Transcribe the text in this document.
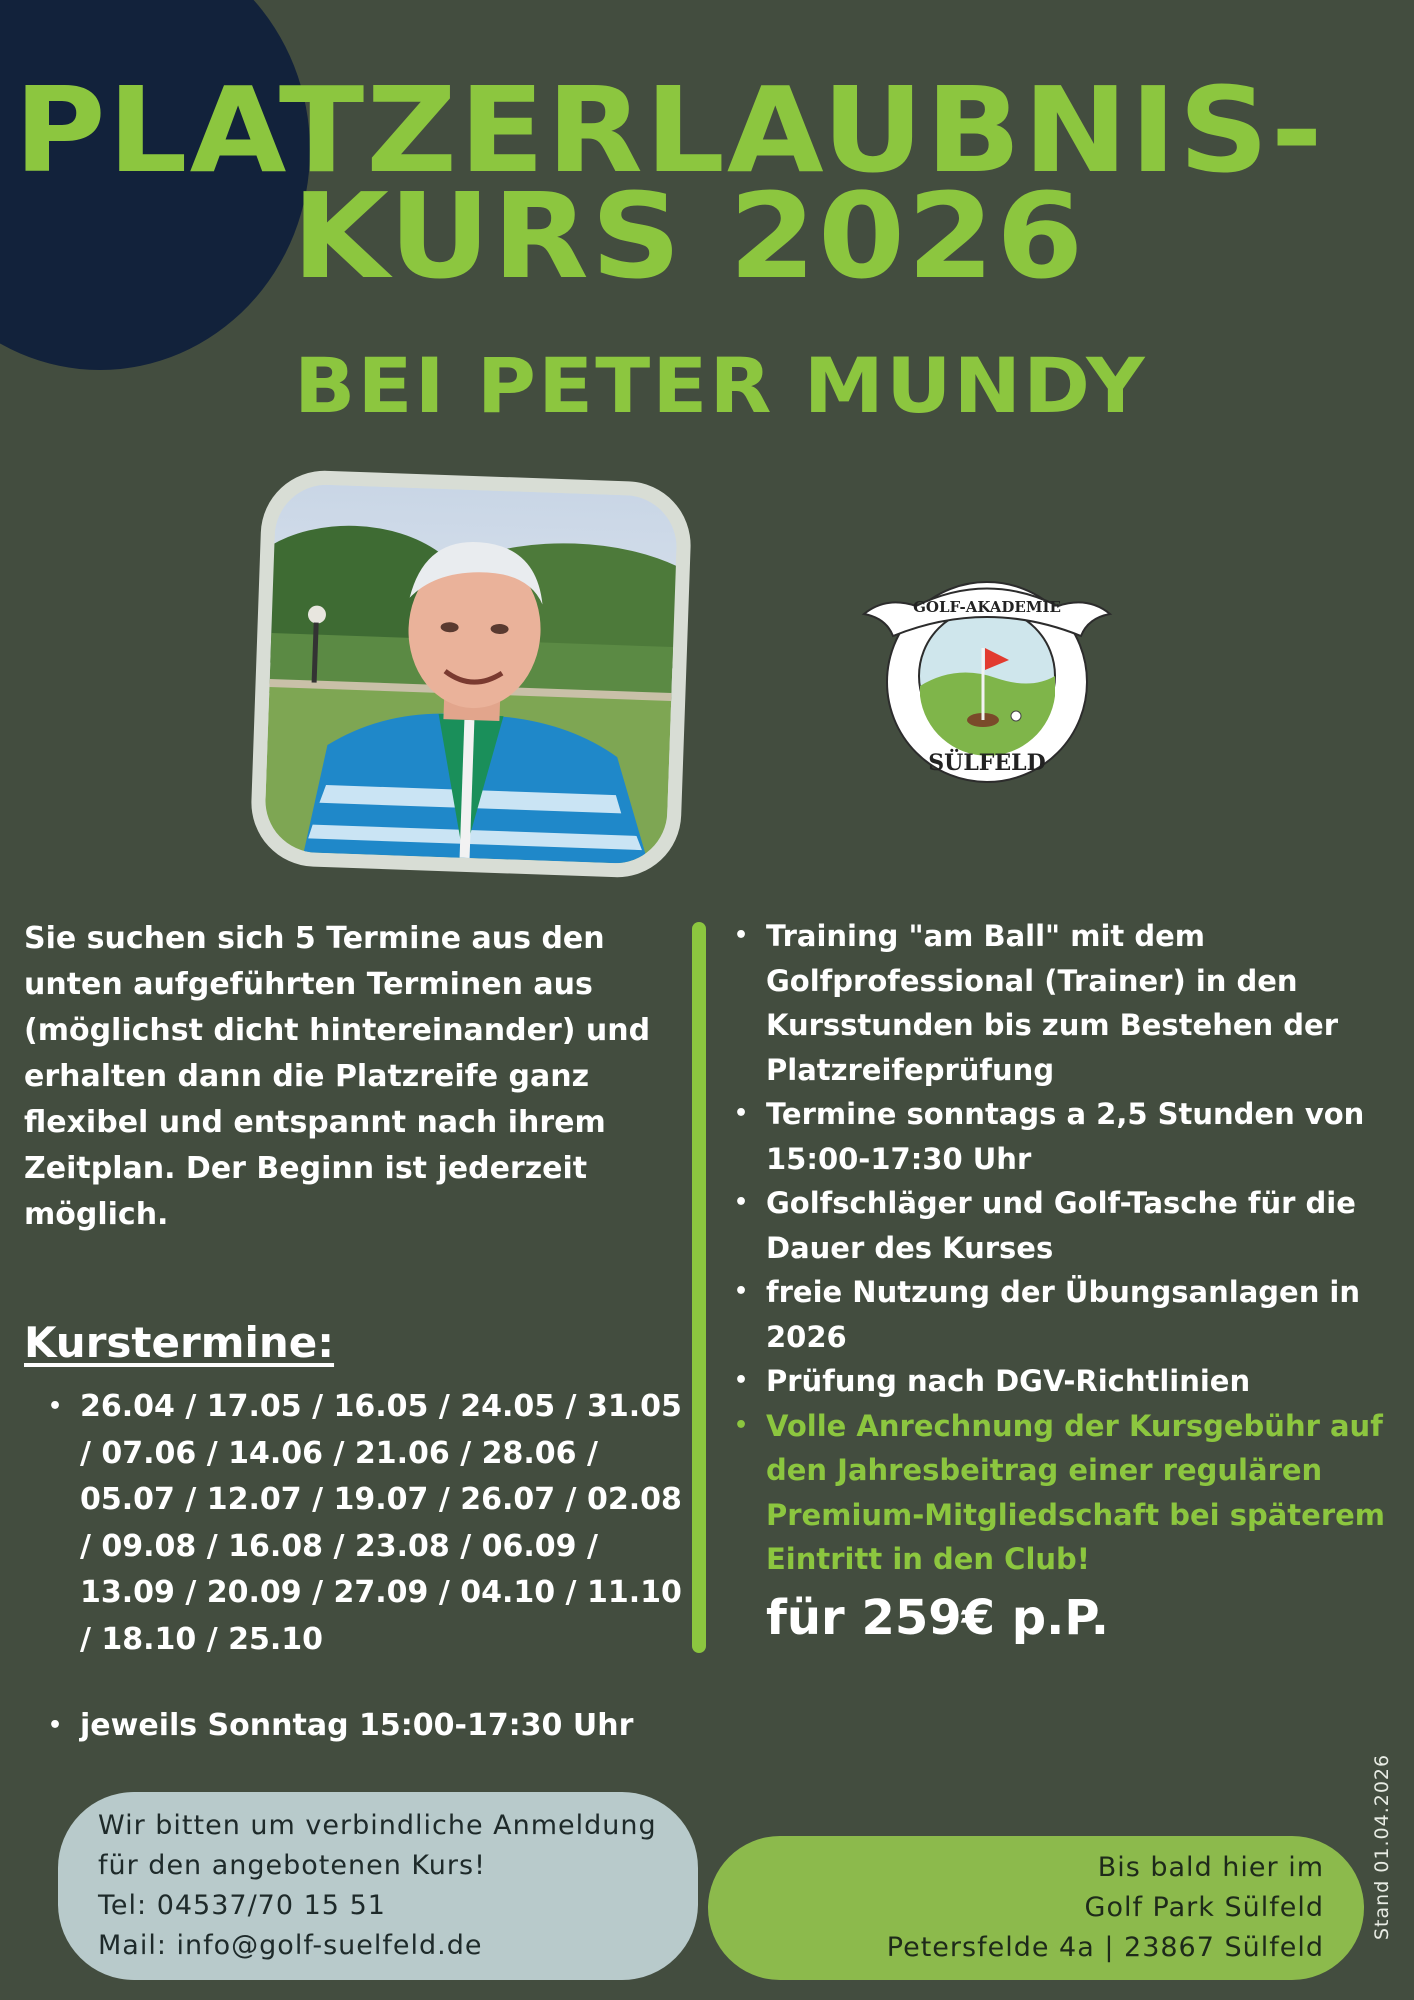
PLATZERLAUBNIS-
KURS 2026
BEI PETER MUNDY
GOLF-AKADEMIE
SÜLFELD
Sie suchen sich 5 Termine aus den unten aufgeführten Terminen aus (möglichst dicht hintereinander) und erhalten dann die Platzreife ganz flexibel und entspannt nach ihrem Zeitplan. Der Beginn ist jederzeit möglich.
• Training "am Ball" mit dem Golfprofessional (Trainer) in den Kursstunden bis zum Bestehen der Platzreifeprüfung
• Termine sonntags a 2,5 Stunden von 15:00-17:30 Uhr
• Golfschläger und Golf-Tasche für die Dauer des Kurses
• freie Nutzung der Übungsanlagen in 2026
• Prüfung nach DGV-Richtlinien
• Volle Anrechnung der Kursgebühr auf den Jahresbeitrag einer regulären Premium-Mitgliedschaft bei späterem Eintritt in den Club!
für 259€ p.P.
Kurstermine:
• 26.04 / 17.05 / 16.05 / 24.05 / 31.05 / 07.06 / 14.06 / 21.06 / 28.06 / 05.07 / 12.07 / 19.07 / 26.07 / 02.08 / 09.08 / 16.08 / 23.08 / 06.09 / 13.09 / 20.09 / 27.09 / 04.10 / 11.10 / 18.10 / 25.10
• jeweils Sonntag 15:00-17:30 Uhr
Wir bitten um verbindliche Anmeldung
für den angebotenen Kurs!
Tel: 04537/70 15 51
Mail: info@golf-suelfeld.de
Bis bald hier im
Golf Park Sülfeld
Petersfelde 4a | 23867 Sülfeld
Stand 01.04.2026
